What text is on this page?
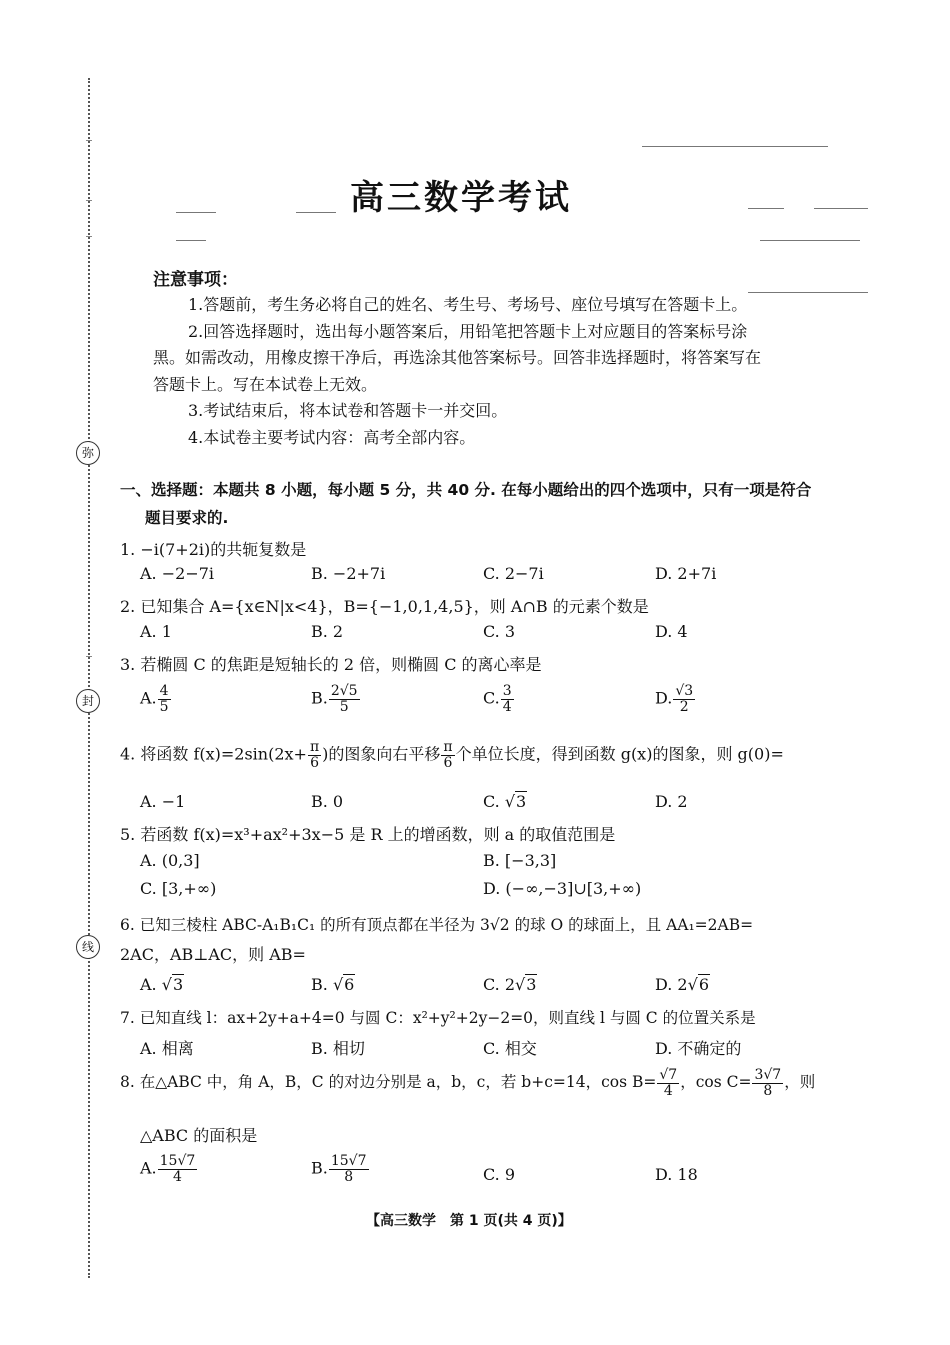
弥
封
线
高三数学考试
注意事项：
1.答题前，考生务必将自己的姓名、考生号、考场号、座位号填写在答题卡上。
2.回答选择题时，选出每小题答案后，用铅笔把答题卡上对应题目的答案标号涂
黑。如需改动，用橡皮擦干净后，再选涂其他答案标号。回答非选择题时，将答案写在
答题卡上。写在本试卷上无效。
3.考试结束后，将本试卷和答题卡一并交回。
4.本试卷主要考试内容：高考全部内容。
一、选择题：本题共 8 小题，每小题 5 分，共 40 分. 在每小题给出的四个选项中，只有一项是符合
题目要求的.
1. −i(7+2i)的共轭复数是
A. −2−7i	B. −2+7i	C. 2−7i	D. 2+7i
2. 已知集合 A={x∈N|x<4}，B={−1,0,1,4,5}，则 A∩B 的元素个数是
A. 1	B. 2	C. 3	D. 4
3. 若椭圆 C 的焦距是短轴长的 2 倍，则椭圆 C 的离心率是
A. $\frac{4}{5}$	B. $\frac{2√5}{5}$	C. $\frac{3}{4}$	D. $\frac{√3}{2}$
4. 将函数 $f(x)=2\sin(2x+ \frac{\pi}{6}$ )的图象向右平移 $\frac{\pi}{6}$ 个单位长度，得到函数 g(x)的图象，则 g(0)=
A. −1	B. 0	C. √3	D. 2
5. 若函数 f(x)=x³+ax²+3x−5 是 R 上的增函数，则 a 的取值范围是
A. (0,3]	B. [−3,3]
C. [3,+∞)	D. (−∞,−3]∪[3,+∞)
6. 已知三棱柱 ABC-A₁B₁C₁ 的所有顶点都在半径为 3√2 的球 O 的球面上，且 AA₁=2AB=
2AC，AB⊥AC，则 AB=
A. √3	B. √6	C. 2√3	D. 2√6
7. 已知直线 l：ax+2y+a+4=0 与圆 C：x²+y²+2y−2=0，则直线 l 与圆 C 的位置关系是
A. 相离	B. 相切	C. 相交	D. 不确定的
8. 在△ABC 中，角 A，B，C 的对边分别是 a，b，c，若 b+c=14，$\cos B= \frac{√7}{4}$ ，$\cos C= \frac{3√7}{8}$ ，则
△ABC 的面积是
A. $\frac{15√7}{4}$	B. $\frac{15√7}{8}$	C. 9	D. 18
【高三数学　第 1 页(共 4 页)】
